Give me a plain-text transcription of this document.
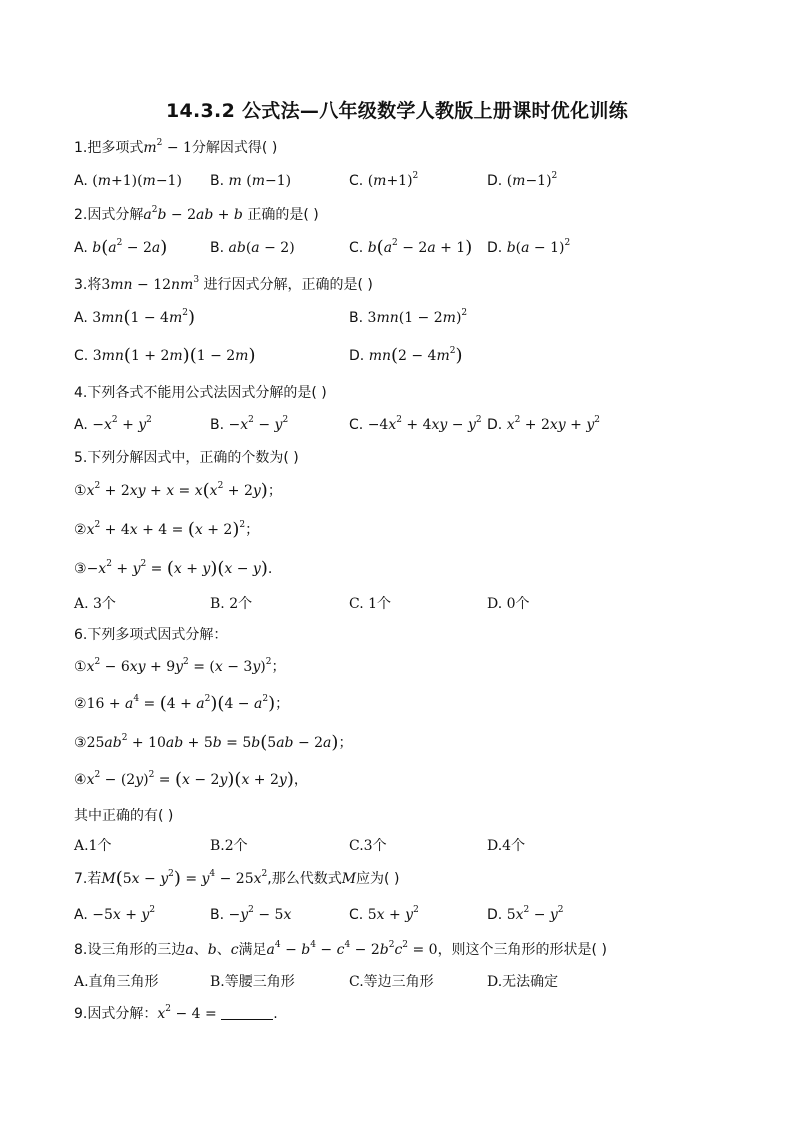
14.3.2 公式法—八年级数学人教版上册课时优化训练
1.把多项式$m^2 - 1$分解因式得( )
A. (m+1)(m−1) B. m (m−1)	C. $(m+1)^2$	D. $(m-1)^2$
2.因式分解$a^2b - 2ab + b$ 正确的是( )
A. $b(a^2 - 2a)$	B. ab(a − 2)	C. $b(a^2 - 2a + 1)$ D. $b(a - 1)^2$
3.将$3mn - 12nm^3$ 进行因式分解，正确的是( )
A. $3mn(1 - 4m^2)$	B. $3mn(1 - 2m)^2$
C. 3mn(1 + 2m)(1 − 2m)	D. $mn(2 - 4m^2)$
4.下列各式不能用公式法因式分解的是( )
A. $-x^2 + y^2$	B. $-x^2 - y^2$	C. $-4x^2 + 4xy - y^2$ D. $x^2 + 2xy + y^2$
5.下列分解因式中，正确的个数为( )
$①x^2 + 2xy + x = x(x^2 + 2y)$；
$②x^2 + 4x + 4 = (x + 2)^2$；
$③-x^2 + y^2 = (x + y)(x - y)$.
A. 3个	B. 2个	C. 1个	D. 0个
6.下列多项式因式分解：
$①x^2 - 6xy + 9y^2 = (x - 3y)^2$；
②16 + $a^4 = (4 + a^2)(4 - a^2)$；
$③25ab^2 + 10ab + 5b = 5b(5ab - 2a)$；
$④x^2 - (2y)^2 = (x - 2y)(x + 2y)$，
其中正确的有( )
A.1个	B.2个	C.3个	D.4个
7.若$M(5x - y^2) = y^4 - 25x^2$,那么代数式M应为( )
A. $-5x + y^2$	B. $-y^2 - 5x$	C. $5x + y^2$	D. $5x^2 - y^2$
8.设三角形的三边a、b、c满足$a^4 - b^4 - c^4 - 2b^2c^2 = 0$，则这个三角形的形状是( )
A.直角三角形	B.等腰三角形	C.等边三角形	D.无法确定
9.因式分解：$x^2 - 4$ =	.
